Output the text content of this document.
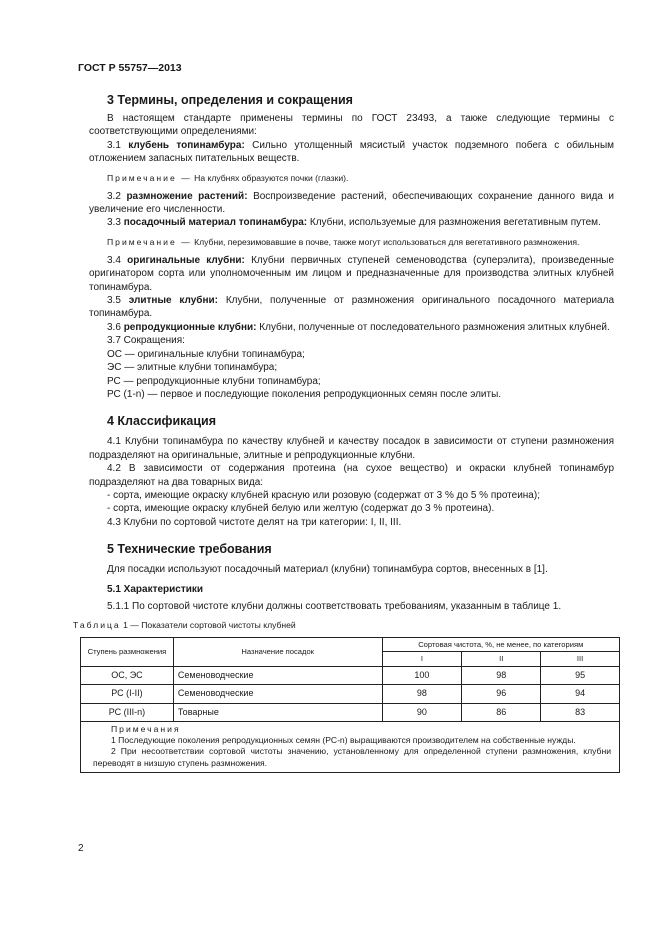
ГОСТ Р 55757—2013
3 Термины, определения и сокращения

В настоящем стандарте применены термины по ГОСТ 23493, а также следующие термины с соответствующими определениями:

3.1 клубень топинамбура: Сильно утолщенный мясистый участок подземного побега с обильным отложением запасных питательных веществ.

Примечание — На клубнях образуются почки (глазки).

3.2 размножение растений: Воспроизведение растений, обеспечивающих сохранение данного вида и увеличение его численности.

3.3 посадочный материал топинамбура: Клубни, используемые для размножения вегетативным путем.

Примечание — Клубни, перезимовавшие в почве, также могут использоваться для вегетативного размножения.

3.4 оригинальные клубни: Клубни первичных ступеней семеноводства (суперэлита), произведенные оригинатором сорта или уполномоченным им лицом и предназначенные для производства элитных клубней топинамбура.

3.5 элитные клубни: Клубни, полученные от размножения оригинального посадочного материала топинамбура.

3.6 репродукционные клубни: Клубни, полученные от последовательного размножения элитных клубней.

3.7 Сокращения:

ОС — оригинальные клубни топинамбура;

ЭС — элитные клубни топинамбура;

РС — репродукционные клубни топинамбура;

РС (1-n) — первое и последующие поколения репродукционных семян после элиты.

4 Классификация

4.1 Клубни топинамбура по качеству клубней и качеству посадок в зависимости от ступени размножения подразделяют на оригинальные, элитные и репродукционные клубни.

4.2 В зависимости от содержания протеина (на сухое вещество) и окраски клубней топинамбур подразделяют на два товарных вида:

- сорта, имеющие окраску клубней красную или розовую (содержат от 3 % до 5 % протеина);

- сорта, имеющие окраску клубней белую или желтую (содержат до 3 % протеина).

4.3 Клубни по сортовой чистоте делят на три категории: I, II, III.

5 Технические требования

Для посадки используют посадочный материал (клубни) топинамбура сортов, внесенных в [1].

5.1 Характеристики

5.1.1 По сортовой чистоте клубни должны соответствовать требованиям, указанным в таблице 1.

Таблица 1 — Показатели сортовой чистоты клубней
Ступень размножения	Назначение посадок	Сортовая чистота, %, не менее, по категориям		
		I	II	III
ОС, ЭС	Семеноводческие	100	98	95
РС (I-II)	Семеноводческие	98	96	94
РС (III-n)	Товарные	90	86	83

Примечания
1 Последующие поколения репродукционных семян (РС-n) выращиваются производителем на собственные нужды.
2 При несоответствии сортовой чистоты значению, установленному для определенной ступени размножения, клубни переводят в низшую ступень размножения.				
2
